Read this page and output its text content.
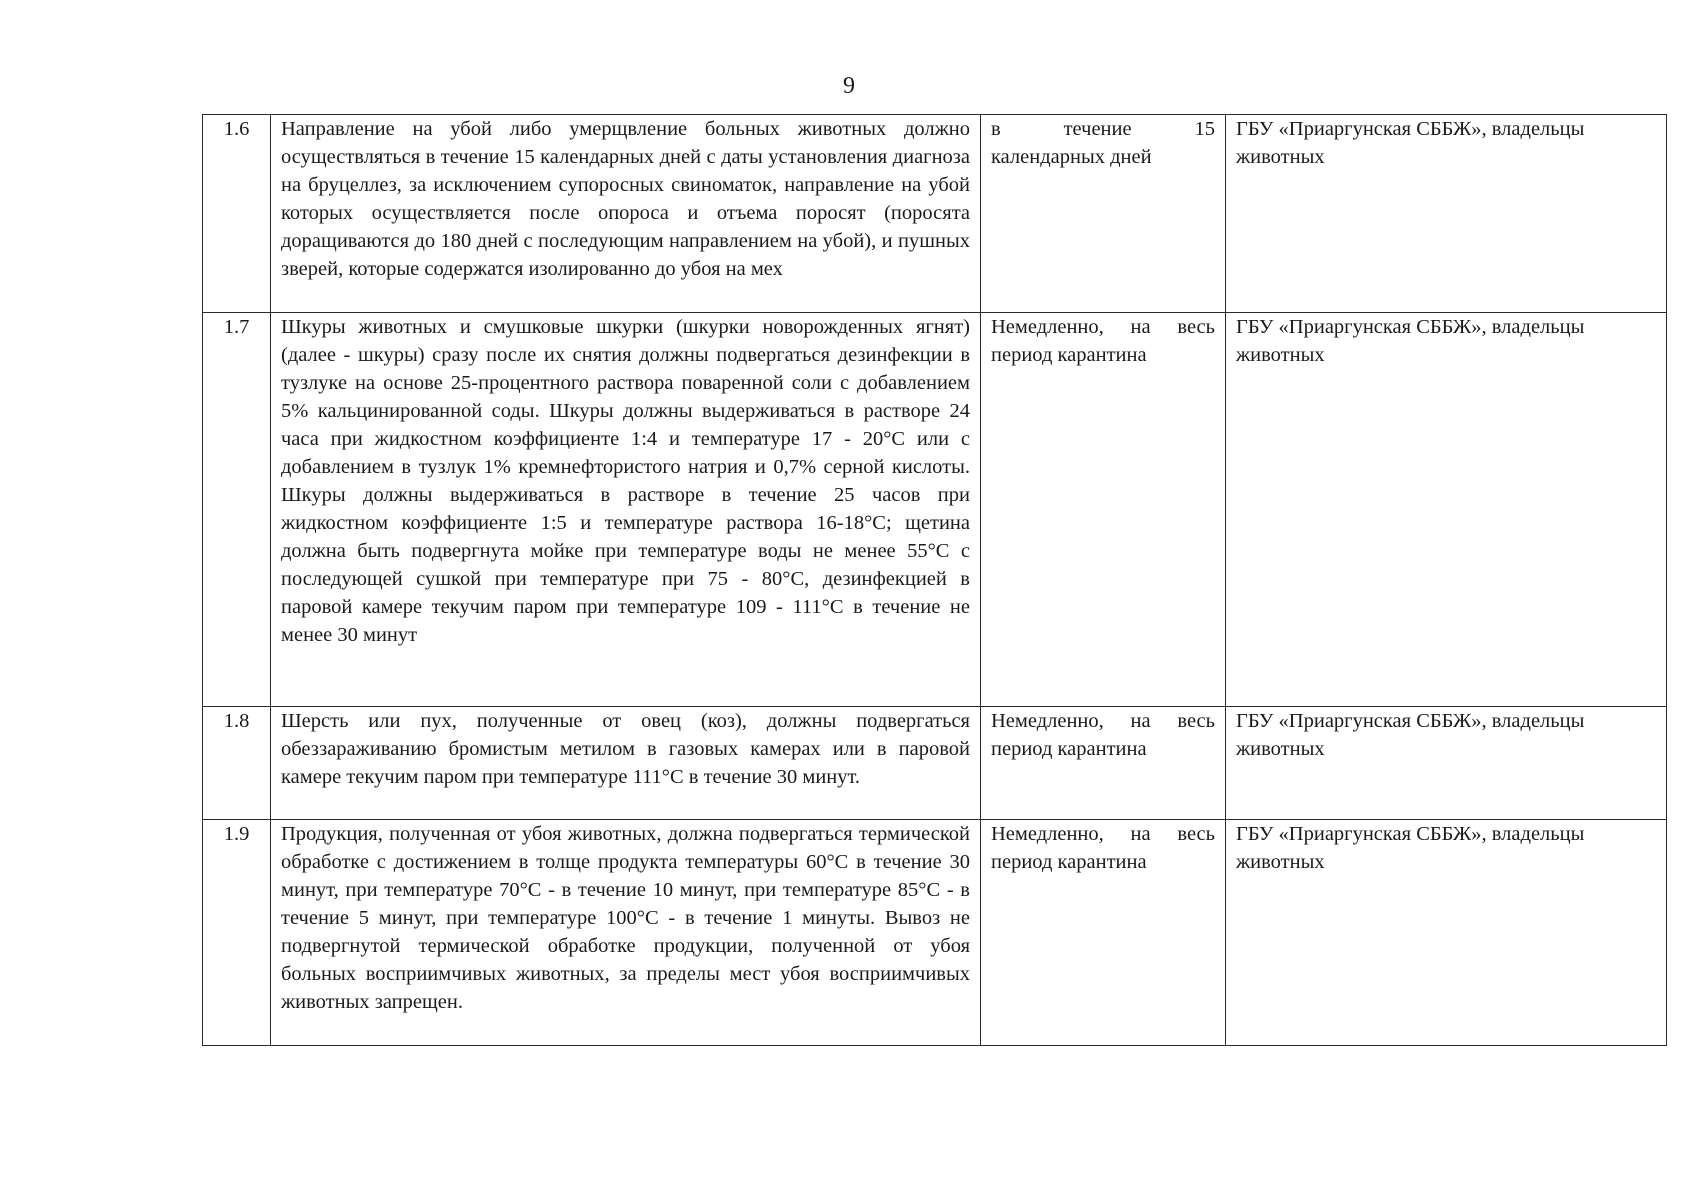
9
1.6	Направление на убой либо умерщвление больных животных должно осуществляться в течение 15 календарных дней с даты установления диагноза на бруцеллез, за исключением супоросных свиноматок, направление на убой которых осуществляется после опороса и отъема поросят (поросята доращиваются до 180 дней с последующим направлением на убой), и пушных зверей, которые содержатся изолированно до убоя на мех	в течение 15 календарных дней	ГБУ «Приаргунская СББЖ», владельцы животных
1.7	Шкуры животных и смушковые шкурки (шкурки новорожденных ягнят) (далее - шкуры) сразу после их снятия должны подвергаться дезинфекции в тузлуке на основе 25-процентного раствора поваренной соли с добавлением 5% кальцинированной соды. Шкуры должны выдерживаться в растворе 24 часа при жидкостном коэффициенте 1:4 и температуре 17 - 20°С или с добавлением в тузлук 1% кремнефтористого натрия и 0,7% серной кислоты. Шкуры должны выдерживаться в растворе в течение 25 часов при жидкостном коэффициенте 1:5 и температуре раствора 16-18°С; щетина должна быть подвергнута мойке при температуре воды не менее 55°С с последующей сушкой при температуре при 75 - 80°С, дезинфекцией в паровой камере текучим паром при температуре 109 - 111°С в течение не менее 30 минут	Немедленно, на весь период карантина	ГБУ «Приаргунская СББЖ», владельцы животных
1.8	Шерсть или пух, полученные от овец (коз), должны подвергаться обеззараживанию бромистым метилом в газовых камерах или в паровой камере текучим паром при температуре 111°С в течение 30 минут.	Немедленно, на весь период карантина	ГБУ «Приаргунская СББЖ», владельцы животных
1.9	Продукция, полученная от убоя животных, должна подвергаться термической обработке с достижением в толще продукта температуры 60°С в течение 30 минут, при температуре 70°С - в течение 10 минут, при температуре 85°С - в течение 5 минут, при температуре 100°С - в течение 1 минуты. Вывоз не подвергнутой термической обработке продукции, полученной от убоя больных восприимчивых животных, за пределы мест убоя восприимчивых животных запрещен.	Немедленно, на весь период карантина	ГБУ «Приаргунская СББЖ», владельцы животных
